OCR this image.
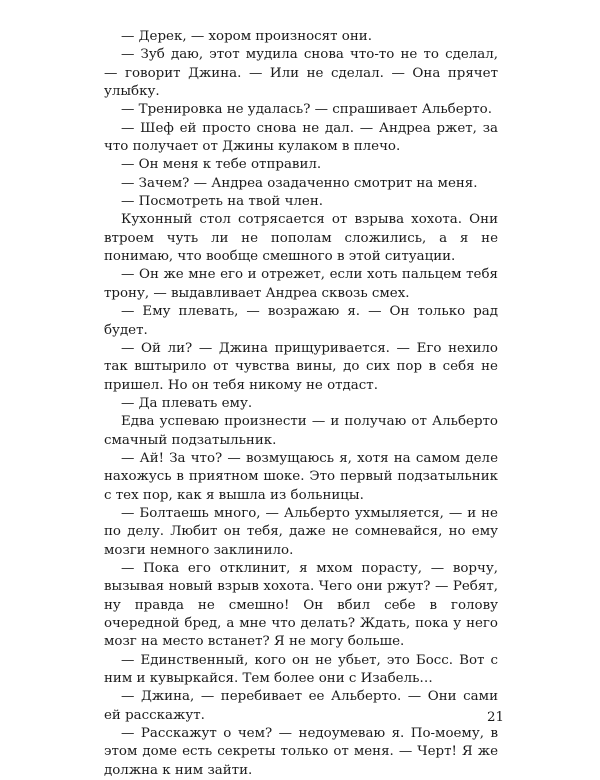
— Дерек, — хором произносят они.

— Зуб даю, этот мудила снова что-то не то сделал, — говорит Джина. — Или не сделал. — Она прячет улыбку.

— Тренировка не удалась? — спрашивает Альберто.

— Шеф ей просто снова не дал. — Андреа ржет, за что получает от Джины кулаком в плечо.

— Он меня к тебе отправил.

— Зачем? — Андреа озадаченно смотрит на меня.

— Посмотреть на твой член.

Кухонный стол сотрясается от взрыва хохота. Они втроем чуть ли не пополам сложились, а я не понимаю, что вообще смешного в этой ситуации.

— Он же мне его и отрежет, если хоть пальцем тебя трону, — выдавливает Андреа сквозь смех.

— Ему плевать, — возражаю я. — Он только рад будет.

— Ой ли? — Джина прищуривается. — Его нехило так вштырило от чувства вины, до сих пор в себя не пришел. Но он тебя никому не отдаст.

— Да плевать ему.

Едва успеваю произнести — и получаю от Альберто смачный подзатыльник.

— Ай! За что? — возмущаюсь я, хотя на самом деле нахожусь в приятном шоке. Это первый подзатыльник с тех пор, как я вышла из больницы.

— Болтаешь много, — Альберто ухмыляется, — и не по делу. Любит он тебя, даже не сомневайся, но ему мозги немного заклинило.

— Пока его отклинит, я мхом порасту, — ворчу, вызывая новый взрыв хохота. Чего они ржут? — Ребят, ну правда не смешно! Он вбил себе в голову очередной бред, а мне что делать? Ждать, пока у него мозг на место встанет? Я не могу больше.

— Единственный, кого он не убьет, это Босс. Вот с ним и кувыркайся. Тем более они с Изабель…

— Джина, — перебивает ее Альберто. — Они сами ей расскажут.

— Расскажут о чем? — недоумеваю я. По-моему, в этом доме есть секреты только от меня. — Черт! Я же должна к ним зайти.

21
